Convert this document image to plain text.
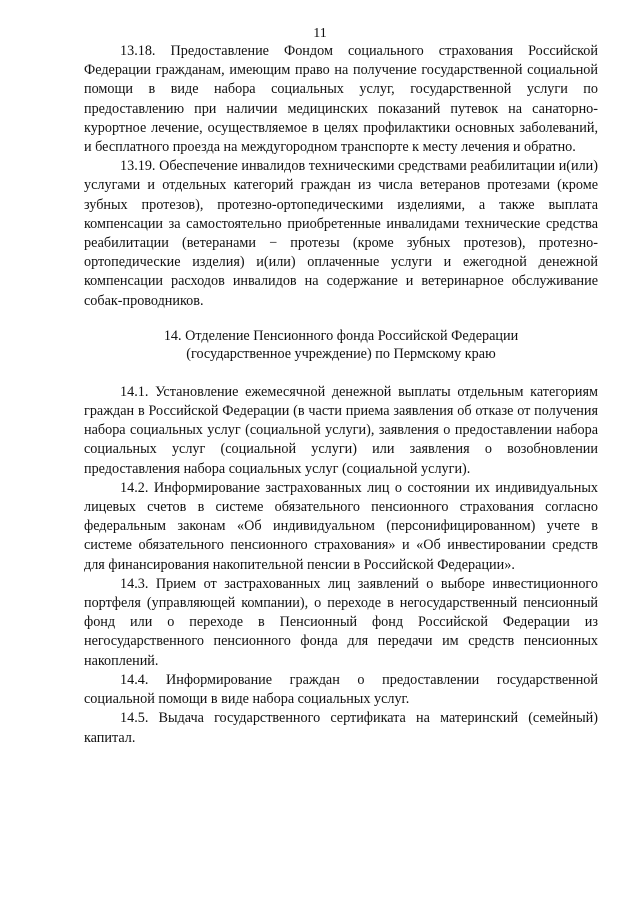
11

13.18. Предоставление Фондом социального страхования Российской Федерации гражданам, имеющим право на получение государственной социальной помощи в виде набора социальных услуг, государственной услуги по предоставлению при наличии медицинских показаний путевок на санаторно-курортное лечение, осуществляемое в целях профилактики основных заболеваний, и бесплатного проезда на междугородном транспорте к месту лечения и обратно.

13.19. Обеспечение инвалидов техническими средствами реабилитации и(или) услугами и отдельных категорий граждан из числа ветеранов протезами (кроме зубных протезов), протезно-ортопедическими изделиями, а также выплата компенсации за самостоятельно приобретенные инвалидами технические средства реабилитации (ветеранами − протезы (кроме зубных протезов), протезно-ортопедические изделия) и(или) оплаченные услуги и ежегодной денежной компенсации расходов инвалидов на содержание и ветеринарное обслуживание собак-проводников.

14. Отделение Пенсионного фонда Российской Федерации
(государственное учреждение) по Пермскому краю

14.1. Установление ежемесячной денежной выплаты отдельным категориям граждан в Российской Федерации (в части приема заявления об отказе от получения набора социальных услуг (социальной услуги), заявления о предоставлении набора социальных услуг (социальной услуги) или заявления о возобновлении предоставления набора социальных услуг (социальной услуги).

14.2. Информирование застрахованных лиц о состоянии их индивидуальных лицевых счетов в системе обязательного пенсионного страхования согласно федеральным законам «Об индивидуальном (персонифицированном) учете в системе обязательного пенсионного страхования» и «Об инвестировании средств для финансирования накопительной пенсии в Российской Федерации».

14.3. Прием от застрахованных лиц заявлений о выборе инвестиционного портфеля (управляющей компании), о переходе в негосударственный пенсионный фонд или о переходе в Пенсионный фонд Российской Федерации из негосударственного пенсионного фонда для передачи им средств пенсионных накоплений.

14.4. Информирование граждан о предоставлении государственной социальной помощи в виде набора социальных услуг.

14.5. Выдача государственного сертификата на материнский (семейный) капитал.
